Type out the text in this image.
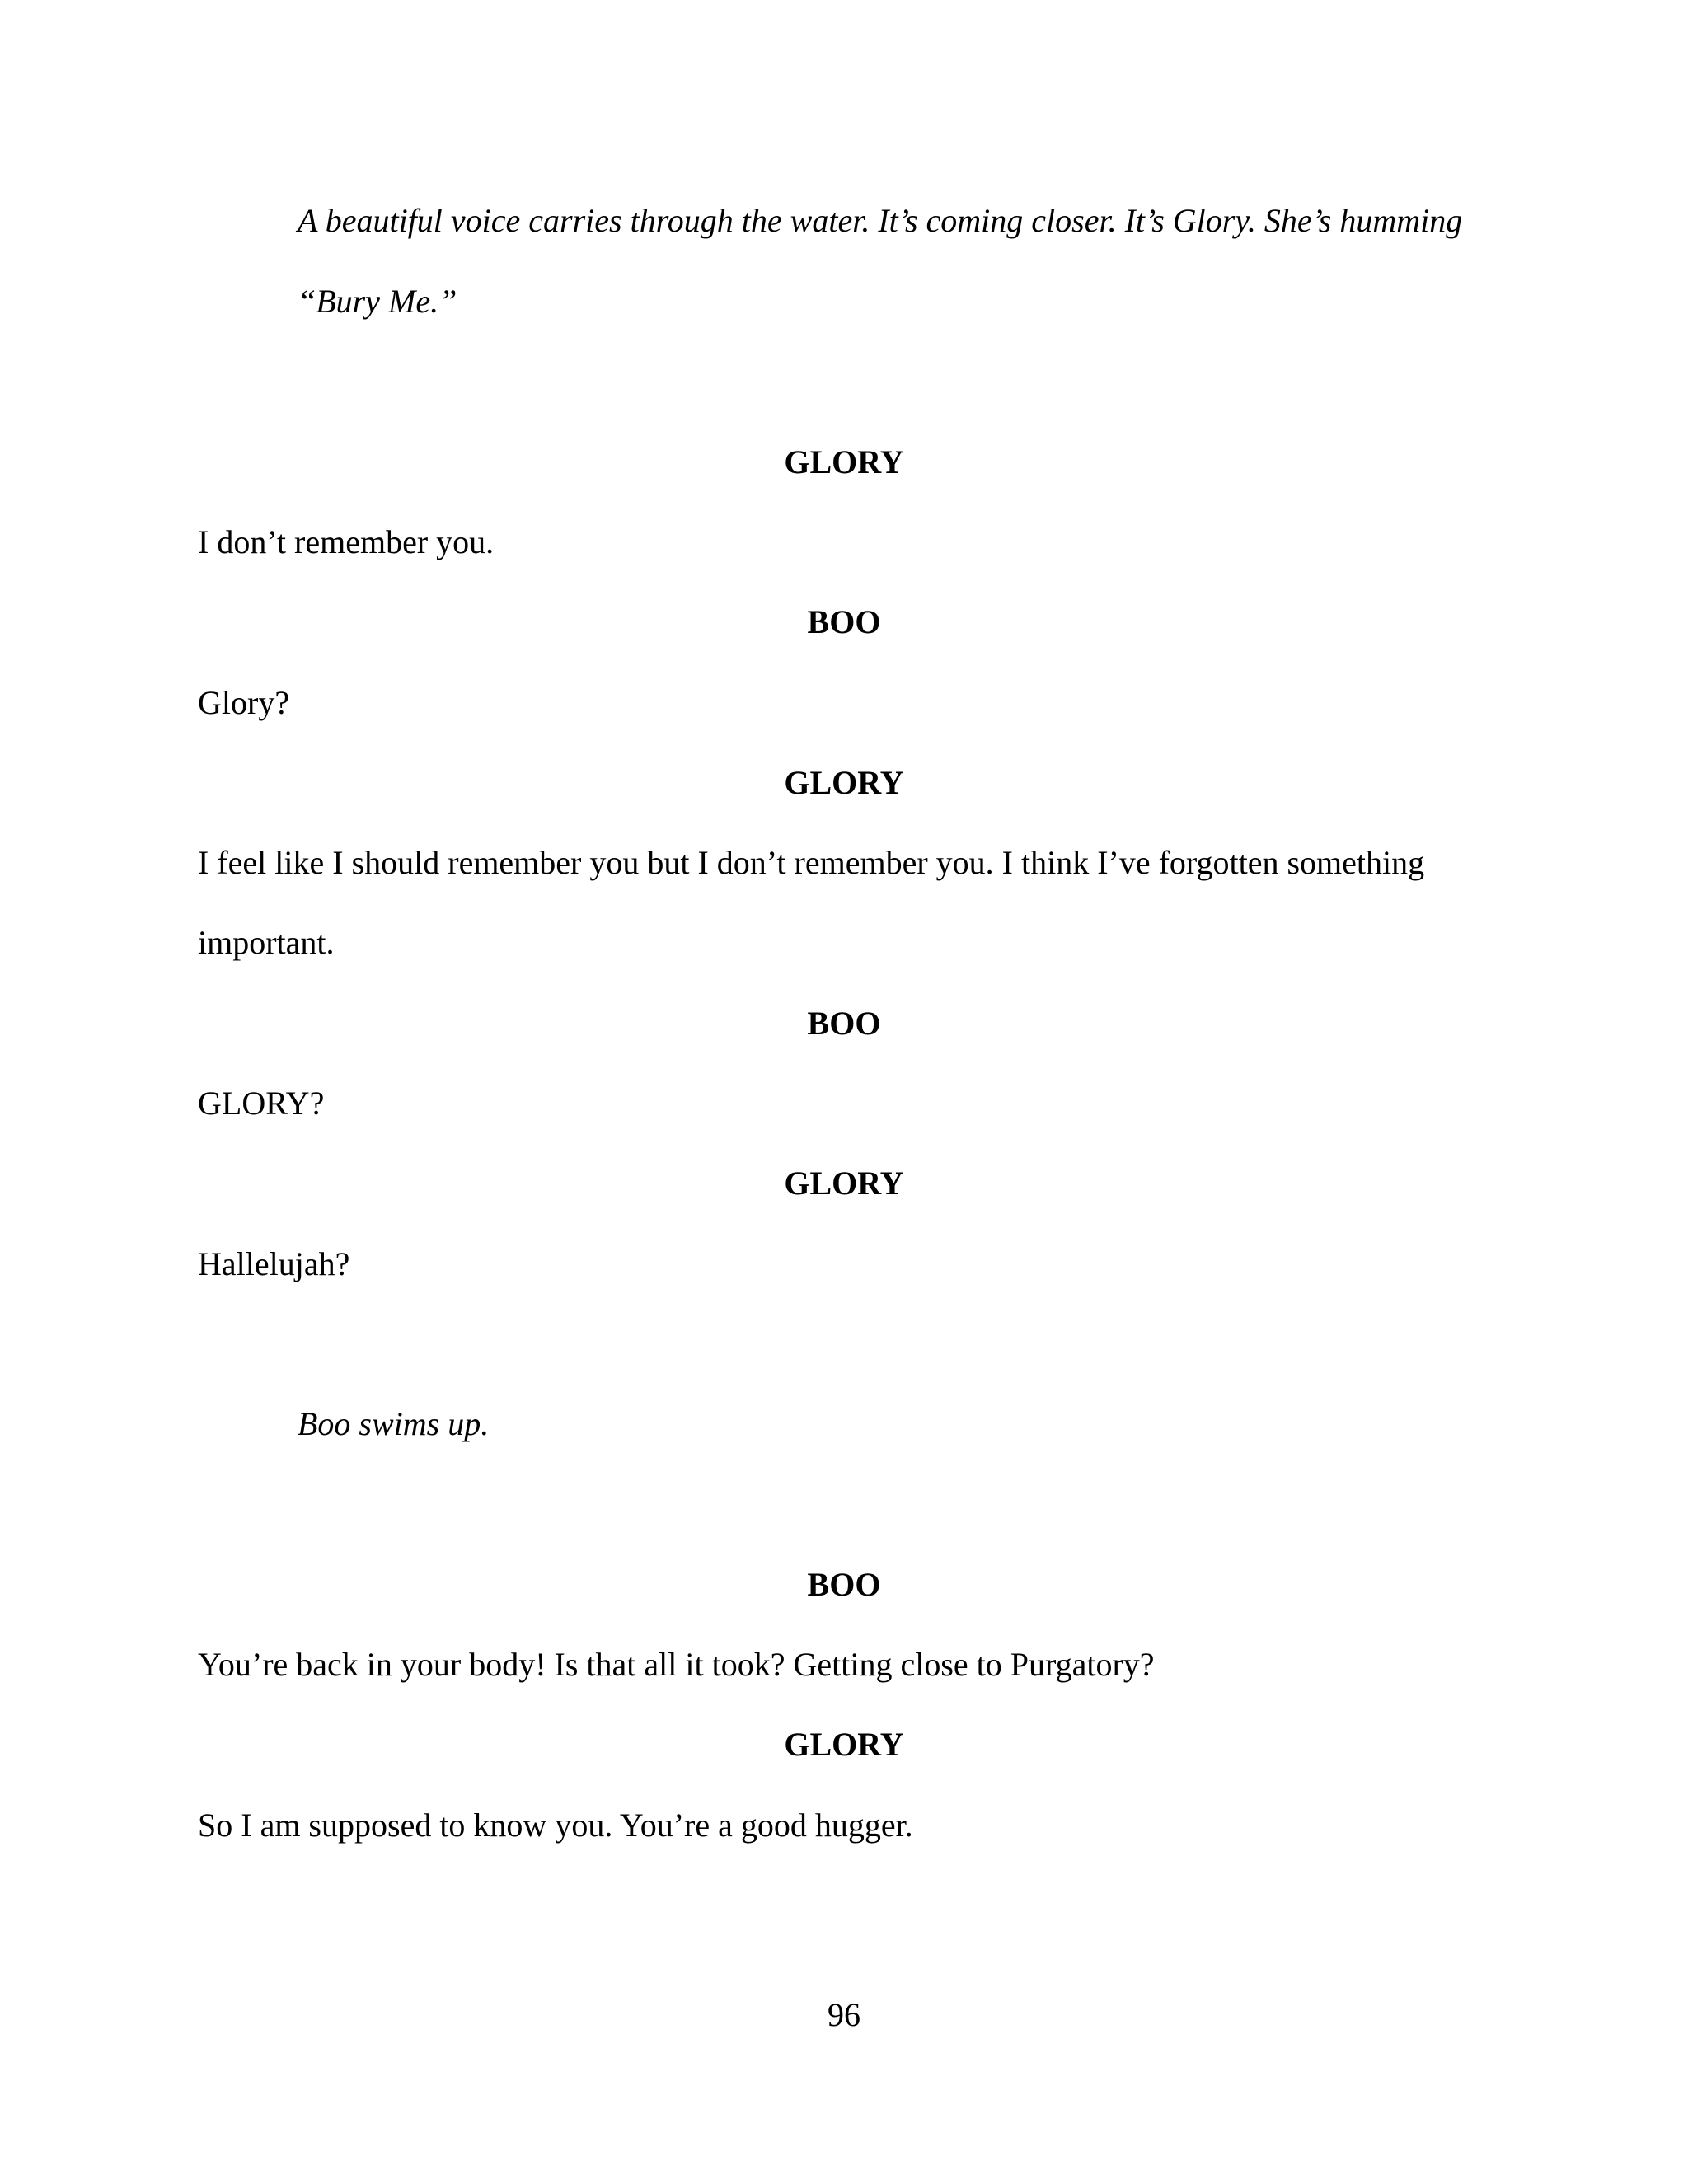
A beautiful voice carries through the water. It’s coming closer. It’s Glory. She’s humming
“Bury Me.”
GLORY
I don’t remember you.
BOO
Glory?
GLORY
I feel like I should remember you but I don’t remember you. I think I’ve forgotten something
important.
BOO
GLORY?
GLORY
Hallelujah?
Boo swims up.
BOO
You’re back in your body! Is that all it took? Getting close to Purgatory?
GLORY
So I am supposed to know you. You’re a good hugger.
96
